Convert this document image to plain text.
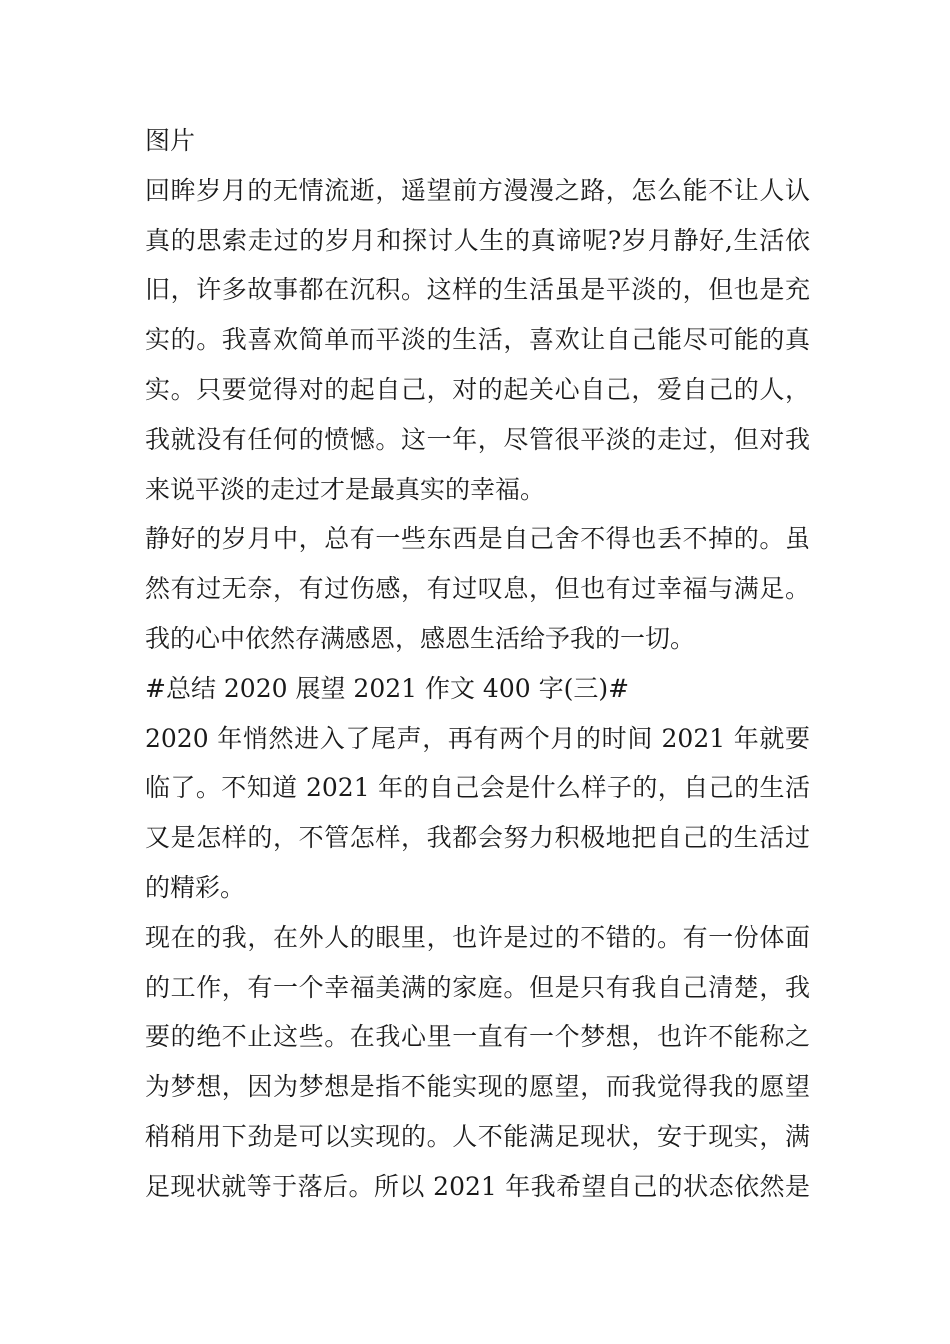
图片
回眸岁月的无情流逝，遥望前方漫漫之路，怎么能不让人认
真的思索走过的岁月和探讨人生的真谛呢?岁月静好,生活依
旧，许多故事都在沉积。这样的生活虽是平淡的，但也是充
实的。我喜欢简单而平淡的生活，喜欢让自己能尽可能的真
实。只要觉得对的起自己，对的起关心自己，爱自己的人，
我就没有任何的愤憾。这一年，尽管很平淡的走过，但对我
来说平淡的走过才是最真实的幸福。
静好的岁月中，总有一些东西是自己舍不得也丢不掉的。虽
然有过无奈，有过伤感，有过叹息，但也有过幸福与满足。
我的心中依然存满感恩，感恩生活给予我的一切。
#总结 2020 展望 2021 作文 400 字(三)#
2020 年悄然进入了尾声，再有两个月的时间 2021 年就要
临了。不知道 2021 年的自己会是什么样子的，自己的生活
又是怎样的，不管怎样，我都会努力积极地把自己的生活过
的精彩。
现在的我，在外人的眼里，也许是过的不错的。有一份体面
的工作，有一个幸福美满的家庭。但是只有我自己清楚，我
要的绝不止这些。在我心里一直有一个梦想，也许不能称之
为梦想，因为梦想是指不能实现的愿望，而我觉得我的愿望
稍稍用下劲是可以实现的。人不能满足现状，安于现实，满
足现状就等于落后。所以 2021 年我希望自己的状态依然是
